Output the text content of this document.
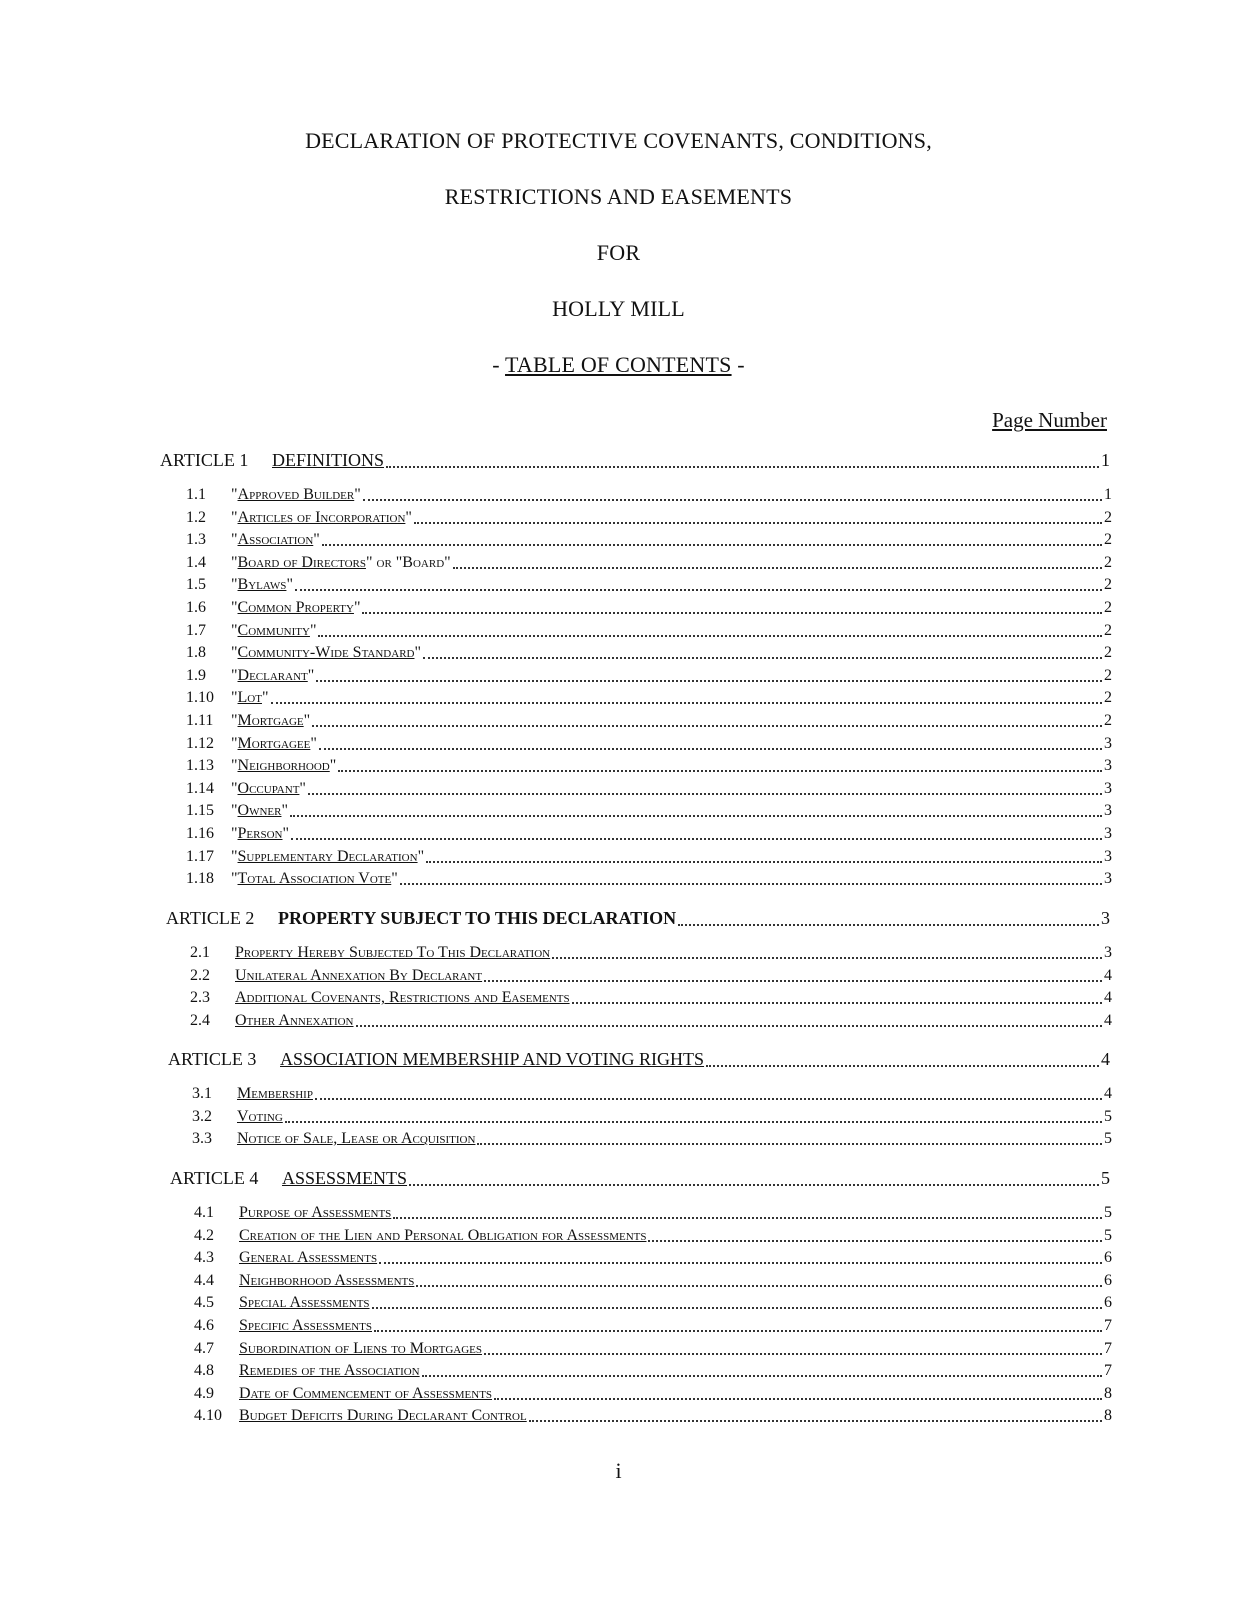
DECLARATION OF PROTECTIVE COVENANTS, CONDITIONS,
RESTRICTIONS AND EASEMENTS
FOR
HOLLY MILL
- TABLE OF CONTENTS -
Page Number
ARTICLE 1	DEFINITIONS	1
1.1	" Approved Builder "	1
1.2	" Articles of Incorporation "	2
1.3	" Association "	2
1.4	" Board of Directors " or "Board"	2
1.5	" Bylaws "	2
1.6	" Common Property "	2
1.7	" Community "	2
1.8	" Community-Wide Standard "	2
1.9	" Declarant "	2
1.10	" Lot "	2
1.11	" Mortgage "	2
1.12	" Mortgagee "	3
1.13	" Neighborhood "	3
1.14	" Occupant "	3
1.15	" Owner "	3
1.16	" Person "	3
1.17	" Supplementary Declaration "	3
1.18	" Total Association Vote "	3
ARTICLE 2	PROPERTY SUBJECT TO THIS DECLARATION	3
2.1	Property Hereby Subjected To This Declaration	3
2.2	Unilateral Annexation By Declarant	4
2.3	Additional Covenants, Restrictions and Easements	4
2.4	Other Annexation	4
ARTICLE 3	ASSOCIATION MEMBERSHIP AND VOTING RIGHTS	4
3.1	Membership	4
3.2	Voting	5
3.3	Notice of Sale, Lease or Acquisition	5
ARTICLE 4	ASSESSMENTS	5
4.1	Purpose of Assessments	5
4.2	Creation of the Lien and Personal Obligation for Assessments	5
4.3	General Assessments	6
4.4	Neighborhood Assessments	6
4.5	Special Assessments	6
4.6	Specific Assessments	7
4.7	Subordination of Liens to Mortgages	7
4.8	Remedies of the Association	7
4.9	Date of Commencement of Assessments	8
4.10	Budget Deficits During Declarant Control	8
i
